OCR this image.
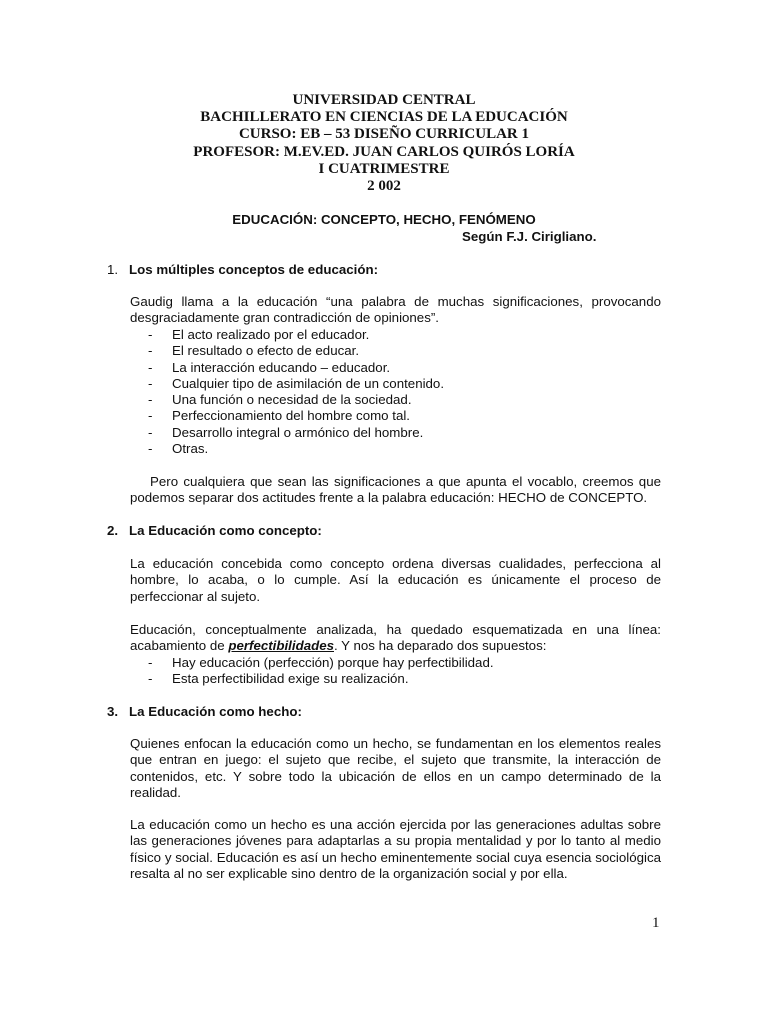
UNIVERSIDAD CENTRAL
BACHILLERATO EN CIENCIAS DE LA EDUCACIÓN
CURSO: EB – 53 DISEÑO CURRICULAR 1
PROFESOR: M.EV.ED. JUAN CARLOS QUIRÓS LORÍA
I CUATRIMESTRE
2 002
EDUCACIÓN: CONCEPTO, HECHO, FENÓMENO
Según F.J. Cirigliano.
1. Los múltiples conceptos de educación:
Gaudig llama a la educación “una palabra de muchas significaciones, provocando desgraciadamente gran contradicción de opiniones”.
- El acto realizado por el educador.
- El resultado o efecto de educar.
- La interacción educando – educador.
- Cualquier tipo de asimilación de un contenido.
- Una función o necesidad de la sociedad.
- Perfeccionamiento del hombre como tal.
- Desarrollo integral o armónico del hombre.
- Otras.
Pero cualquiera que sean las significaciones a que apunta el vocablo, creemos que podemos separar dos actitudes frente a la palabra educación: HECHO de CONCEPTO.
2. La Educación como concepto:
La educación concebida como concepto ordena diversas cualidades, perfecciona al hombre, lo acaba, o lo cumple. Así la educación es únicamente el proceso de perfeccionar al sujeto.
Educación, conceptualmente analizada, ha quedado esquematizada en una línea: acabamiento de perfectibilidades. Y nos ha deparado dos supuestos:
- Hay educación (perfección) porque hay perfectibilidad.
- Esta perfectibilidad exige su realización.
3. La Educación como hecho:
Quienes enfocan la educación como un hecho, se fundamentan en los elementos reales que entran en juego: el sujeto que recibe, el sujeto que transmite, la interacción de contenidos, etc. Y sobre todo la ubicación de ellos en un campo determinado de la realidad.
La educación como un hecho es una acción ejercida por las generaciones adultas sobre las generaciones jóvenes para adaptarlas a su propia mentalidad y por lo tanto al medio físico y social. Educación es así un hecho eminentemente social cuya esencia sociológica resalta al no ser explicable sino dentro de la organización social y por ella.
1
